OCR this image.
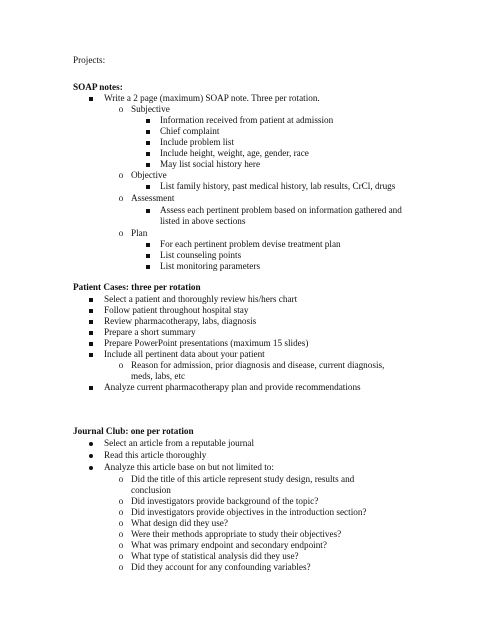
Projects:
SOAP notes:
Write a 2 page (maximum) SOAP note. Three per rotation.
o Subjective
Information received from patient at admission
Chief complaint
Include problem list
Include height, weight, age, gender, race
May list social history here
o Objective
List family history, past medical history, lab results, CrCl, drugs
o Assessment
Assess each pertinent problem based on information gathered and
listed in above sections
o Plan
For each pertinent problem devise treatment plan
List counseling points
List monitoring parameters
Patient Cases: three per rotation
Select a patient and thoroughly review his/hers chart
Follow patient throughout hospital stay
Review pharmacotherapy, labs, diagnosis
Prepare a short summary
Prepare PowerPoint presentations (maximum 15 slides)
Include all pertinent data about your patient
o Reason for admission, prior diagnosis and disease, current diagnosis,
meds, labs, etc
Analyze current pharmacotherapy plan and provide recommendations
Journal Club: one per rotation
Select an article from a reputable journal
Read this article thoroughly
Analyze this article base on but not limited to:
o Did the title of this article represent study design, results and
conclusion
o Did investigators provide background of the topic?
o Did investigators provide objectives in the introduction section?
o What design did they use?
o Were their methods appropriate to study their objectives?
o What was primary endpoint and secondary endpoint?
o What type of statistical analysis did they use?
o Did they account for any confounding variables?
